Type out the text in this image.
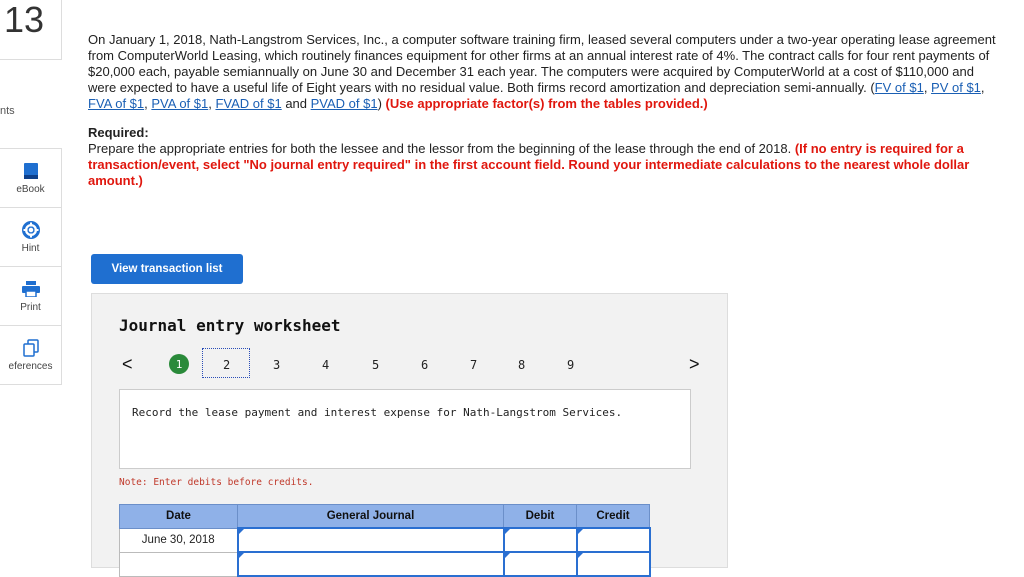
13
nts
eBook
Hint
Print
eferences
On January 1, 2018, Nath-Langstrom Services, Inc., a computer software training firm, leased several computers under a two-year operating lease agreement from ComputerWorld Leasing, which routinely finances equipment for other firms at an annual interest rate of 4%. The contract calls for four rent payments of $20,000 each, payable semiannually on June 30 and December 31 each year. The computers were acquired by ComputerWorld at a cost of $110,000 and were expected to have a useful life of Eight years with no residual value. Both firms record amortization and depreciation semi-annually. (FV of $1, PV of $1, FVA of $1, PVA of $1, FVAD of $1 and PVAD of $1) (Use appropriate factor(s) from the tables provided.)
Required:
Prepare the appropriate entries for both the lessee and the lessor from the beginning of the lease through the end of 2018. (If no entry is required for a transaction/event, select "No journal entry required" in the first account field. Round your intermediate calculations to the nearest whole dollar amount.)
View transaction list
Journal entry worksheet
<	1	2	3	4	5	6	7	8	9	>
Record the lease payment and interest expense for Nath-Langstrom Services.
Note: Enter debits before credits.
Date	General Journal	Debit	Credit
June 30, 2018			
